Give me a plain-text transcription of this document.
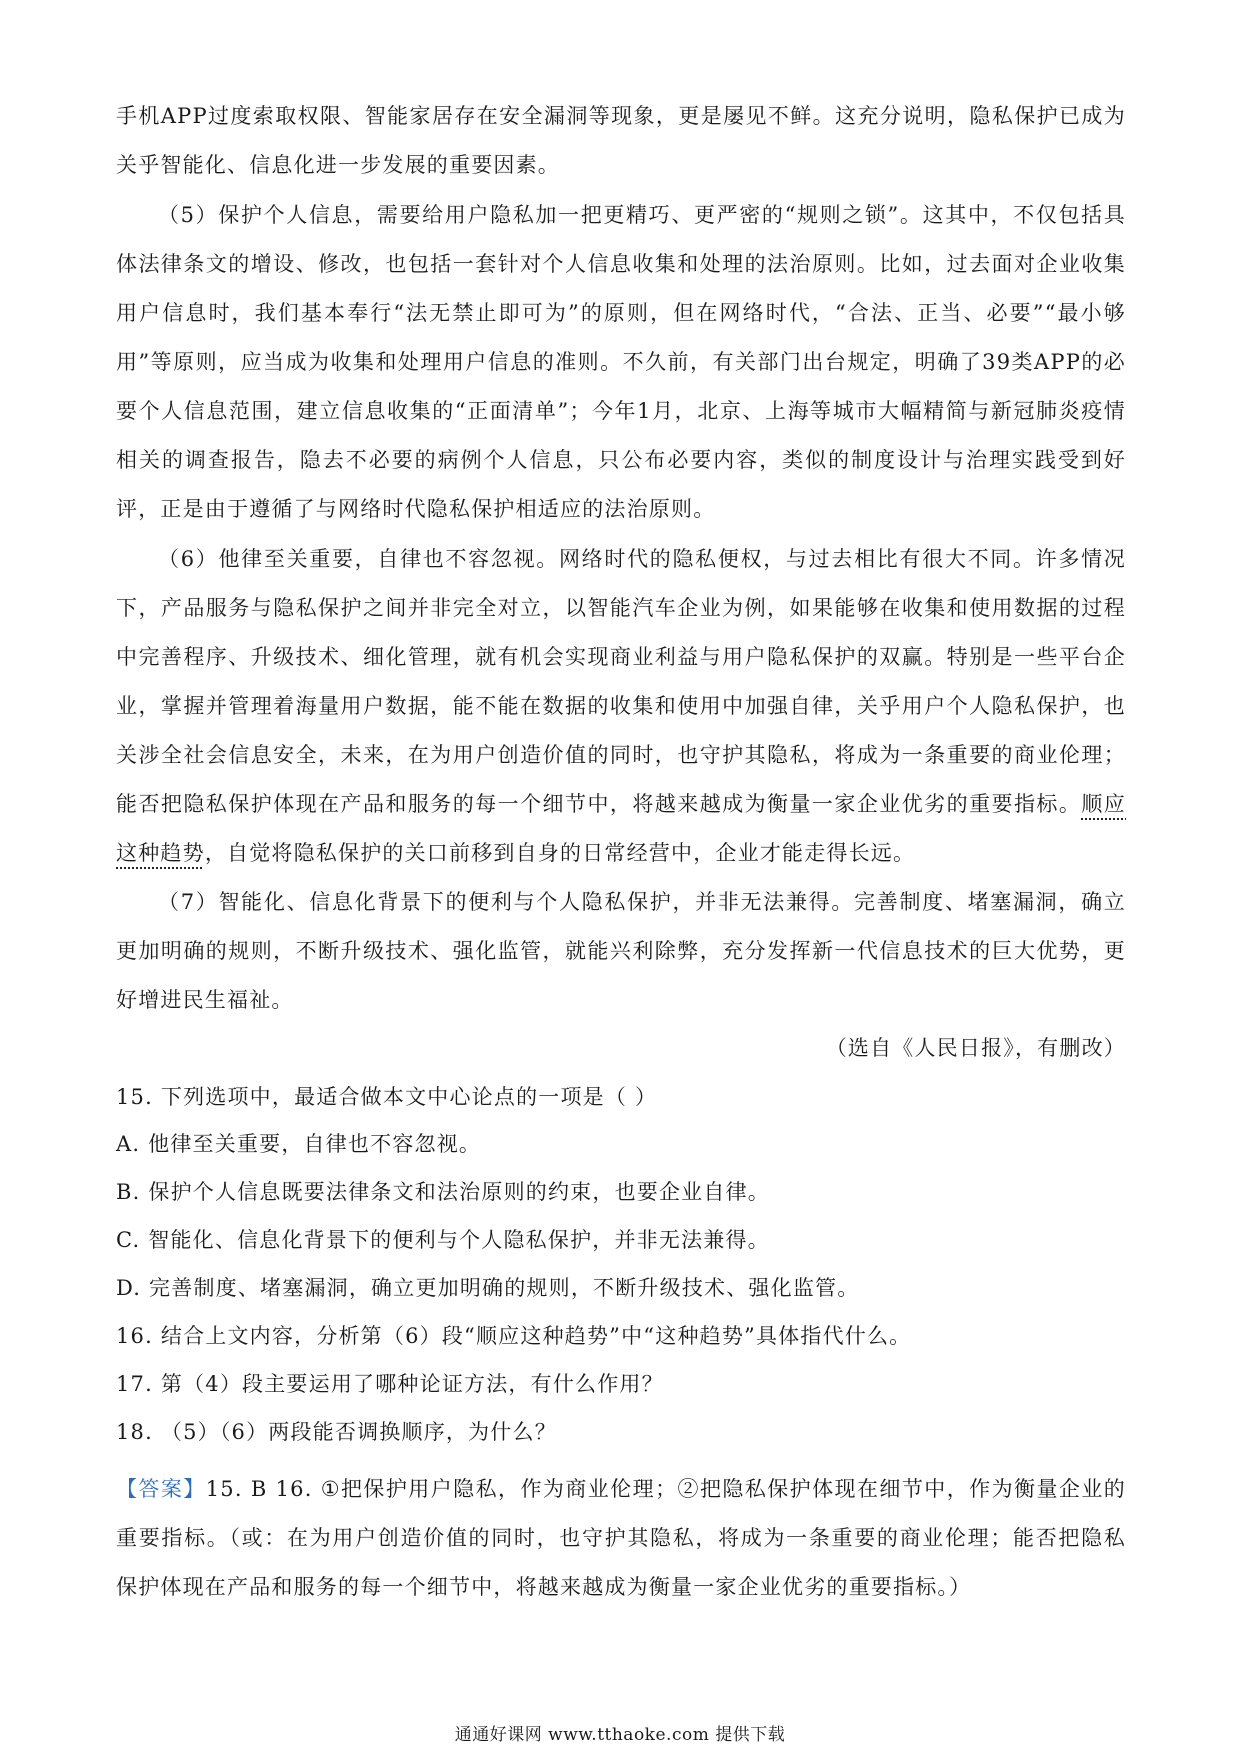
手机APP过度索取权限、智能家居存在安全漏洞等现象，更是屡见不鲜。这充分说明，隐私保护已成为关乎智能化、信息化进一步发展的重要因素。

（5）保护个人信息，需要给用户隐私加一把更精巧、更严密的“规则之锁”。这其中，不仅包括具体法律条文的增设、修改，也包括一套针对个人信息收集和处理的法治原则。比如，过去面对企业收集用户信息时，我们基本奉行“法无禁止即可为”的原则，但在网络时代，“合法、正当、必要”“最小够用”等原则，应当成为收集和处理用户信息的准则。不久前，有关部门出台规定，明确了39类APP的必要个人信息范围，建立信息收集的“正面清单”；今年1月，北京、上海等城市大幅精简与新冠肺炎疫情相关的调查报告，隐去不必要的病例个人信息，只公布必要内容，类似的制度设计与治理实践受到好评，正是由于遵循了与网络时代隐私保护相适应的法治原则。

（6）他律至关重要，自律也不容忽视。网络时代的隐私便权，与过去相比有很大不同。许多情况下，产品服务与隐私保护之间并非完全对立，以智能汽车企业为例，如果能够在收集和使用数据的过程中完善程序、升级技术、细化管理，就有机会实现商业利益与用户隐私保护的双赢。特别是一些平台企业，掌握并管理着海量用户数据，能不能在数据的收集和使用中加强自律，关乎用户个人隐私保护，也关涉全社会信息安全，未来，在为用户创造价值的同时，也守护其隐私，将成为一条重要的商业伦理；能否把隐私保护体现在产品和服务的每一个细节中，将越来越成为衡量一家企业优劣的重要指标。顺应这种趋势，自觉将隐私保护的关口前移到自身的日常经营中，企业才能走得长远。

（7）智能化、信息化背景下的便利与个人隐私保护，并非无法兼得。完善制度、堵塞漏洞，确立更加明确的规则，不断升级技术、强化监管，就能兴利除弊，充分发挥新一代信息技术的巨大优势，更好增进民生福祉。

（选自《人民日报》，有删改）

15. 下列选项中，最适合做本文中心论点的一项是（ ）

A. 他律至关重要，自律也不容忽视。

B. 保护个人信息既要法律条文和法治原则的约束，也要企业自律。

C. 智能化、信息化背景下的便利与个人隐私保护，并非无法兼得。

D. 完善制度、堵塞漏洞，确立更加明确的规则，不断升级技术、强化监管。

16. 结合上文内容，分析第（6）段“顺应这种趋势”中“这种趋势”具体指代什么。

17. 第（4）段主要运用了哪种论证方法，有什么作用？

18. （5）（6）两段能否调换顺序，为什么？

【答案】15. B 16. ①把保护用户隐私，作为商业伦理；②把隐私保护体现在细节中，作为衡量企业的重要指标。（或：在为用户创造价值的同时，也守护其隐私，将成为一条重要的商业伦理；能否把隐私保护体现在产品和服务的每一个细节中，将越来越成为衡量一家企业优劣的重要指标。）

通通好课网 www.tthaoke.com 提供下载
